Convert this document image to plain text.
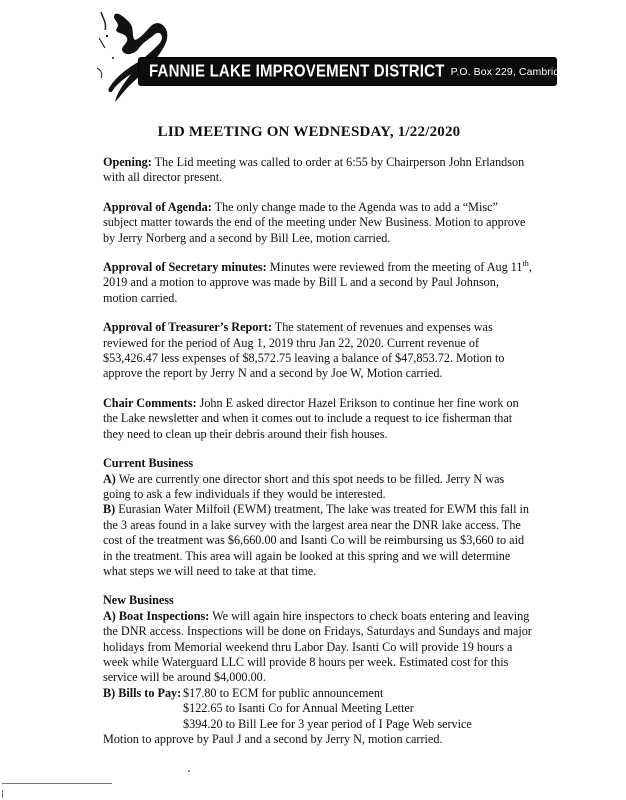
FANNIE LAKE IMPROVEMENT DISTRICT P.O. Box 229, Cambridge, MN 55008
LID MEETING ON WEDNESDAY, 1/22/2020

Opening: The Lid meeting was called to order at 6:55 by Chairperson John Erlandson with all director present.

Approval of Agenda: The only change made to the Agenda was to add a “Misc” subject matter towards the end of the meeting under New Business. Motion to approve by Jerry Norberg and a second by Bill Lee, motion carried.

Approval of Secretary minutes: Minutes were reviewed from the meeting of Aug 11th, 2019 and a motion to approve was made by Bill L and a second by Paul Johnson, motion carried.

Approval of Treasurer’s Report: The statement of revenues and expenses was reviewed for the period of Aug 1, 2019 thru Jan 22, 2020. Current revenue of $53,426.47 less expenses of $8,572.75 leaving a balance of $47,853.72. Motion to approve the report by Jerry N and a second by Joe W, Motion carried.

Chair Comments: John E asked director Hazel Erikson to continue her fine work on the Lake newsletter and when it comes out to include a request to ice fisherman that they need to clean up their debris around their fish houses.

Current Business

A) We are currently one director short and this spot needs to be filled. Jerry N was going to ask a few individuals if they would be interested.

B) Eurasian Water Milfoil (EWM) treatment, The lake was treated for EWM this fall in the 3 areas found in a lake survey with the largest area near the DNR lake access. The cost of the treatment was $6,660.00 and Isanti Co will be reimbursing us $3,660 to aid in the treatment. This area will again be looked at this spring and we will determine what steps we will need to take at that time.

New Business

A) Boat Inspections: We will again hire inspectors to check boats entering and leaving the DNR access. Inspections will be done on Fridays, Saturdays and Sundays and major holidays from Memorial weekend thru Labor Day. Isanti Co will provide 19 hours a week while Waterguard LLC will provide 8 hours per week. Estimated cost for this service will be around $4,000.00.

B) Bills to Pay: $17.80 to ECM for public announcement

$122.65 to Isanti Co for Annual Meeting Letter

$394.20 to Bill Lee for 3 year period of I Page Web service

Motion to approve by Paul J and a second by Jerry N, motion carried.
